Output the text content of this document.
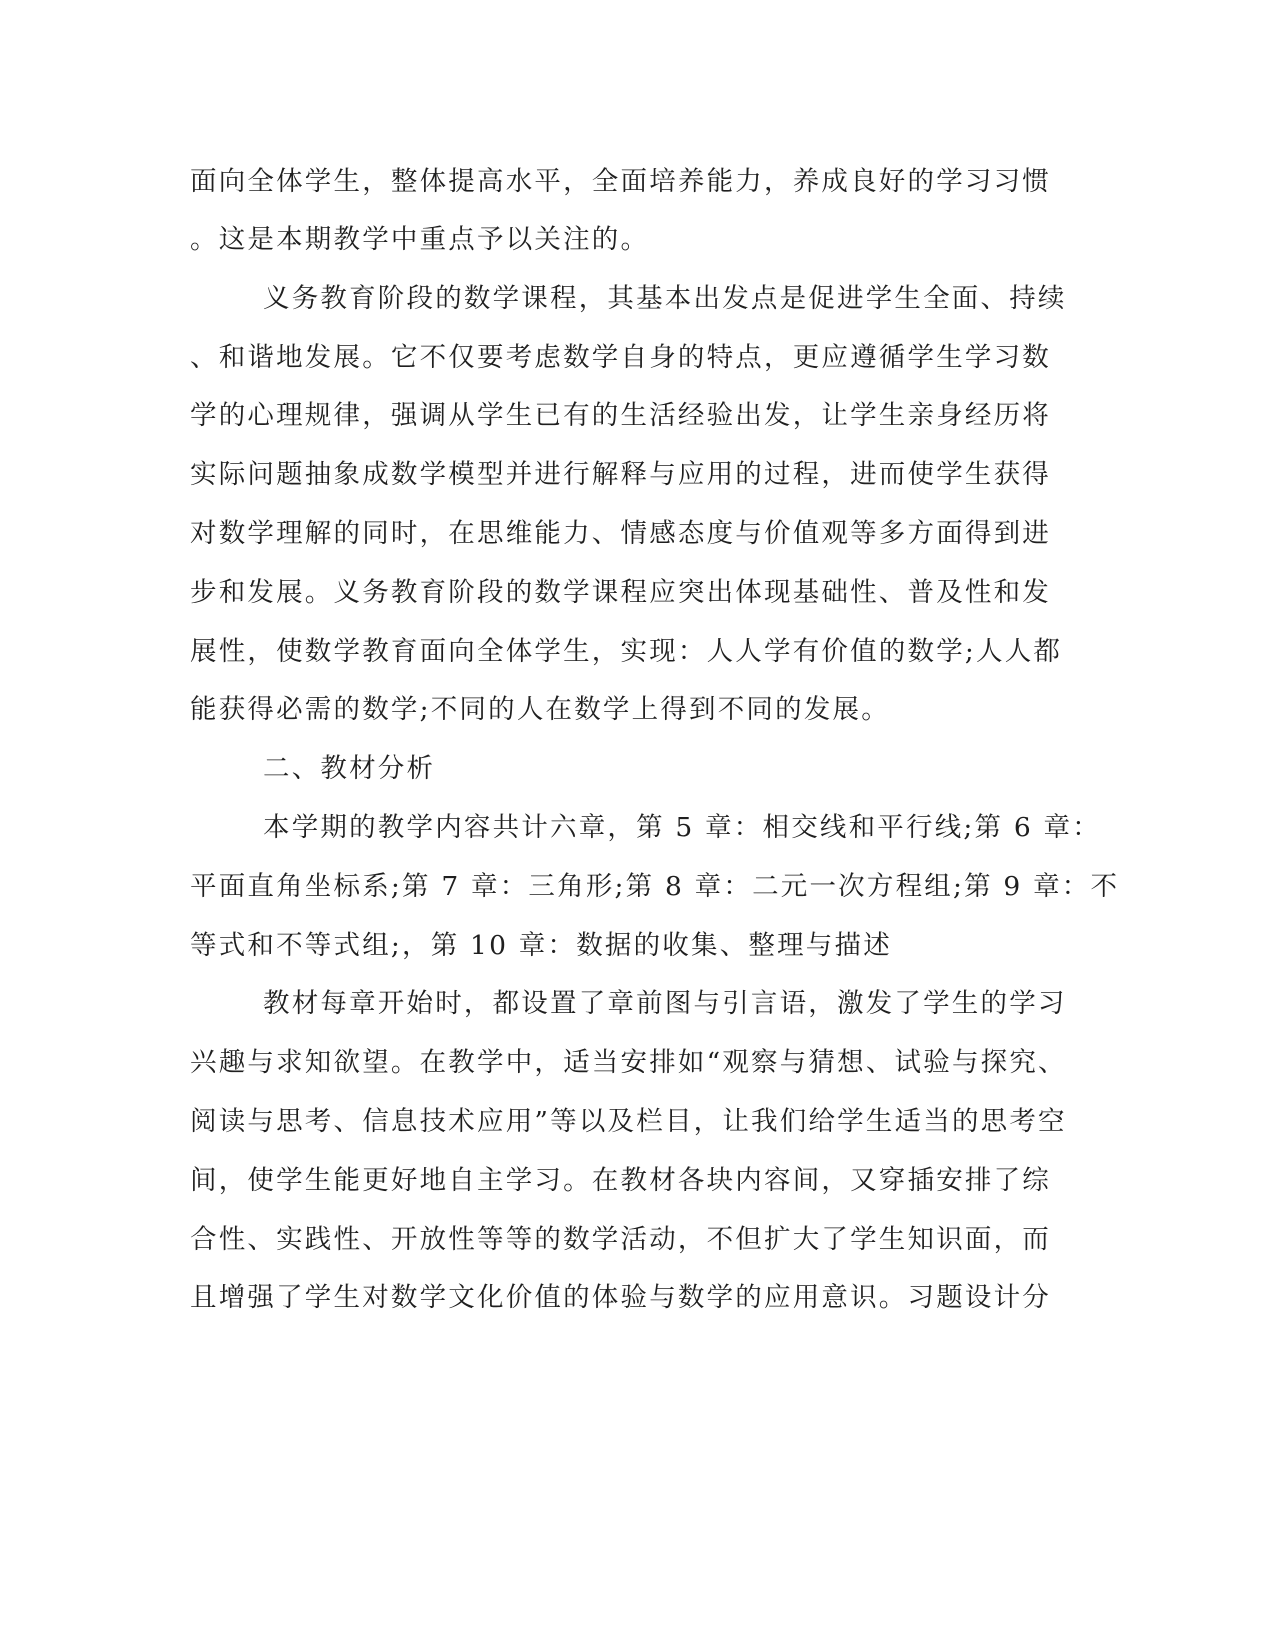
面向全体学生，整体提高水平，全面培养能力，养成良好的学习习惯

。这是本期教学中重点予以关注的。

义务教育阶段的数学课程，其基本出发点是促进学生全面、持续

、和谐地发展。它不仅要考虑数学自身的特点，更应遵循学生学习数

学的心理规律，强调从学生已有的生活经验出发，让学生亲身经历将

实际问题抽象成数学模型并进行解释与应用的过程，进而使学生获得

对数学理解的同时，在思维能力、情感态度与价值观等多方面得到进

步和发展。义务教育阶段的数学课程应突出体现基础性、普及性和发

展性，使数学教育面向全体学生，实现：人人学有价值的数学;人人都

能获得必需的数学;不同的人在数学上得到不同的发展。

二、教材分析

本学期的教学内容共计六章，第 5 章：相交线和平行线;第 6 章：

平面直角坐标系;第 7 章：三角形;第 8 章：二元一次方程组;第 9 章：不

等式和不等式组;，第 10 章：数据的收集、整理与描述

教材每章开始时，都设置了章前图与引言语，激发了学生的学习

兴趣与求知欲望。在教学中，适当安排如“观察与猜想、试验与探究、

阅读与思考、信息技术应用”等以及栏目，让我们给学生适当的思考空

间，使学生能更好地自主学习。在教材各块内容间，又穿插安排了综

合性、实践性、开放性等等的数学活动，不但扩大了学生知识面，而

且增强了学生对数学文化价值的体验与数学的应用意识。习题设计分
